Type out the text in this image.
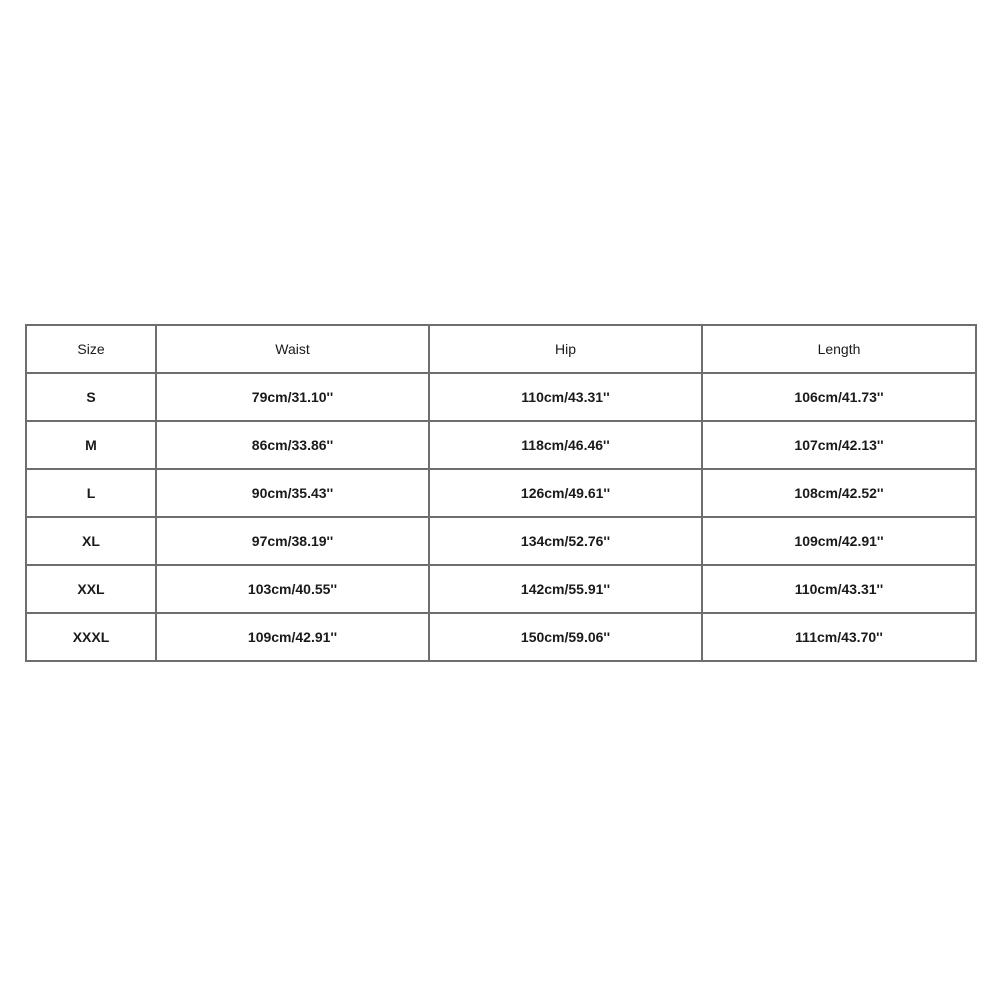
Size	Waist	Hip	Length
S	79cm/31.10''	110cm/43.31''	106cm/41.73''
M	86cm/33.86''	118cm/46.46''	107cm/42.13''
L	90cm/35.43''	126cm/49.61''	108cm/42.52''
XL	97cm/38.19''	134cm/52.76''	109cm/42.91''
XXL	103cm/40.55''	142cm/55.91''	110cm/43.31''
XXXL	109cm/42.91''	150cm/59.06''	111cm/43.70''
